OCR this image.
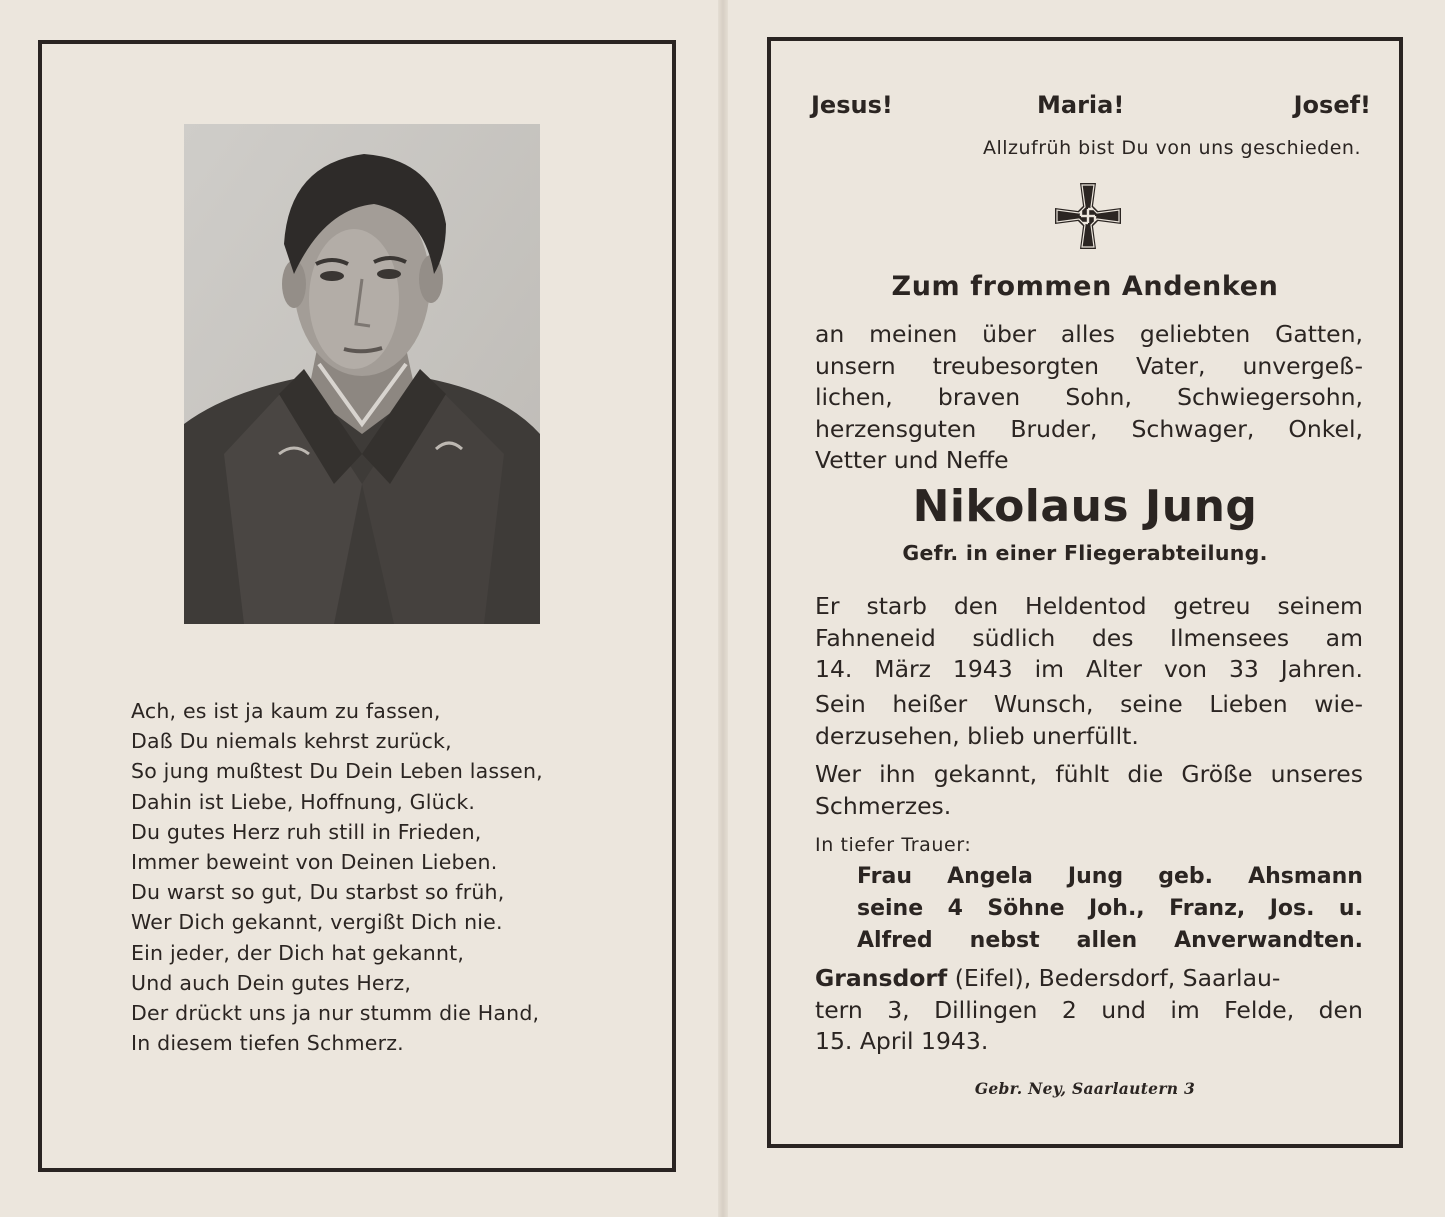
Ach, es ist ja kaum zu fassen,
Daß Du niemals kehrst zurück,
So jung mußtest Du Dein Leben lassen,
Dahin ist Liebe, Hoffnung, Glück.
Du gutes Herz ruh still in Frieden,
Immer beweint von Deinen Lieben.
Du warst so gut, Du starbst so früh,
Wer Dich gekannt, vergißt Dich nie.
Ein jeder, der Dich hat gekannt,
Und auch Dein gutes Herz,
Der drückt uns ja nur stumm die Hand,
In diesem tiefen Schmerz.
Jesus!	Maria!	Josef!
Allzufrüh bist Du von uns geschieden.
Zum frommen Andenken
an meinen über alles geliebten Gatten,
unsern treubesorgten Vater, unvergeß-
lichen, braven Sohn, Schwiegersohn,
herzensguten Bruder, Schwager, Onkel,
Vetter und Neffe
Nikolaus Jung
Gefr. in einer Fliegerabteilung.
Er starb den Heldentod getreu seinem
Fahneneid südlich des Ilmensees am
14. März 1943 im Alter von 33 Jahren.
Sein heißer Wunsch, seine Lieben wie-
derzusehen, blieb unerfüllt.
Wer ihn gekannt, fühlt die Größe unseres
Schmerzes.
In tiefer Trauer:
Frau Angela Jung geb. Ahsmann
seine 4 Söhne Joh., Franz, Jos. u.
Alfred nebst allen Anverwandten.
Gransdorf (Eifel), Bedersdorf, Saarlau-
tern 3, Dillingen 2 und im Felde, den
15. April 1943.
Gebr. Ney, Saarlautern 3
